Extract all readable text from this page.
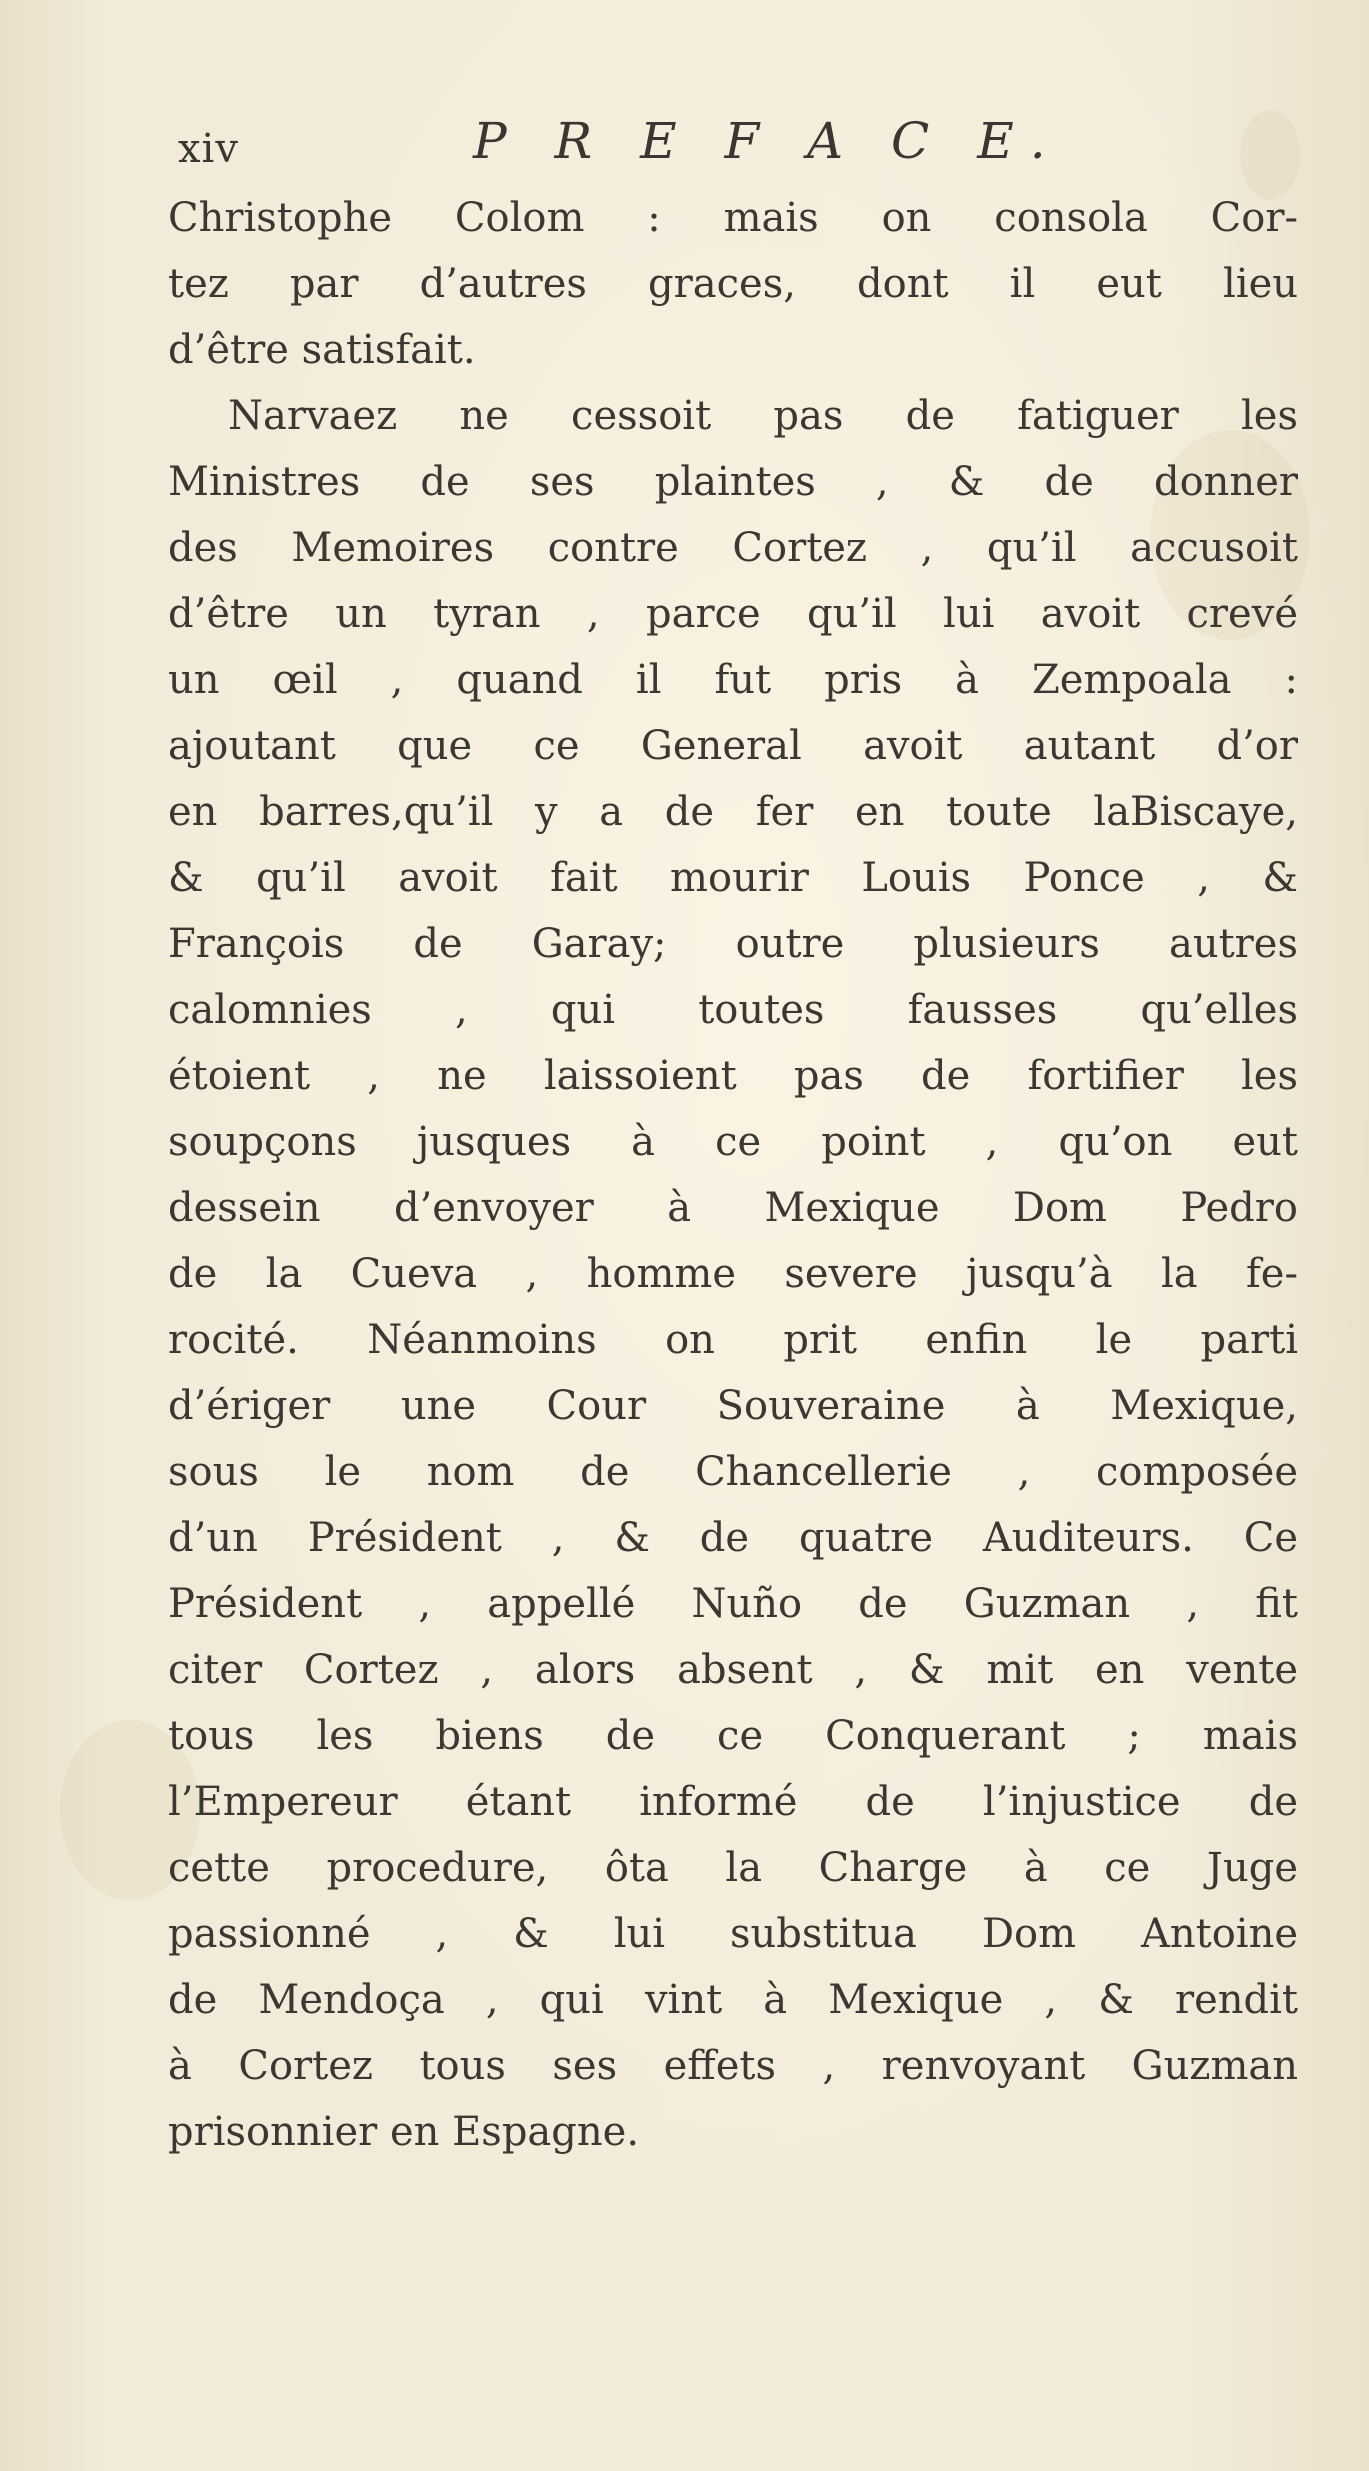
xiv	P R E F A C E.
Christophe Colom : mais on consola Cor-
tez par d’autres graces, dont il eut lieu
d’être satisfait.
Narvaez ne cessoit pas de fatiguer les
Ministres de ses plaintes , & de donner
des Memoires contre Cortez , qu’il accusoit
d’être un tyran , parce qu’il lui avoit crevé
un œil , quand il fut pris à Zempoala :
ajoutant que ce General avoit autant d’or
en barres,qu’il y a de fer en toute laBiscaye,
& qu’il avoit fait mourir Louis Ponce , &
François de Garay; outre plusieurs autres
calomnies , qui toutes fausses qu’elles
étoient , ne laissoient pas de fortifier les
soupçons jusques à ce point , qu’on eut
dessein d’envoyer à Mexique Dom Pedro
de la Cueva , homme severe jusqu’à la fe-
rocité. Néanmoins on prit enfin le parti
d’ériger une Cour Souveraine à Mexique,
sous le nom de Chancellerie , composée
d’un Président , & de quatre Auditeurs. Ce
Président , appellé Nuño de Guzman , fit
citer Cortez , alors absent , & mit en vente
tous les biens de ce Conquerant ; mais
l’Empereur étant informé de l’injustice de
cette procedure, ôta la Charge à ce Juge
passionné , & lui substitua Dom Antoine
de Mendoça , qui vint à Mexique , & rendit
à Cortez tous ses effets , renvoyant Guzman
prisonnier en Espagne.
